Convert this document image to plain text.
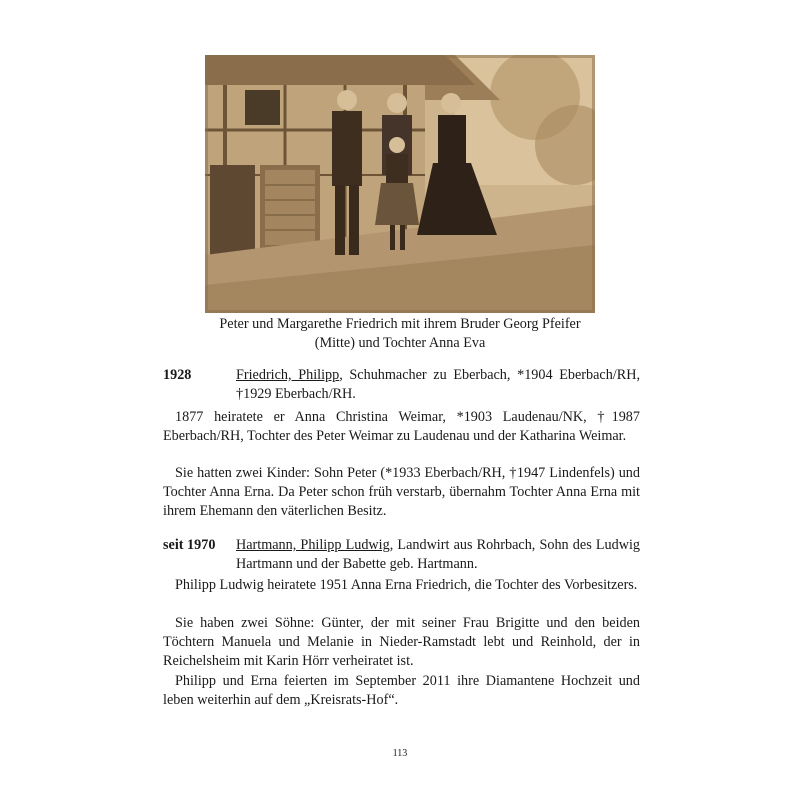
Peter und Margarethe Friedrich mit ihrem Bruder Georg Pfeifer
(Mitte) und Tochter Anna Eva
1928	Friedrich, Philipp, Schuhmacher zu Eberbach, *1904 Eberbach/RH, †1929 Eberbach/RH.
1877 heiratete er Anna Christina Weimar, *1903 Laudenau/NK, †1987 Eberbach/RH, Tochter des Peter Weimar zu Laudenau und der Katharina Weimar.
Sie hatten zwei Kinder: Sohn Peter (*1933 Eberbach/RH, †1947 Lindenfels) und Tochter Anna Erna. Da Peter schon früh verstarb, übernahm Tochter Anna Erna mit ihrem Ehemann den väterlichen Besitz.
seit 1970 Hartmann, Philipp Ludwig, Landwirt aus Rohrbach, Sohn des Ludwig Hartmann und der Babette geb. Hartmann.
Philipp Ludwig heiratete 1951 Anna Erna Friedrich, die Tochter des Vorbesitzers.
Sie haben zwei Söhne: Günter, der mit seiner Frau Brigitte und den beiden Töchtern Manuela und Melanie in Nieder-Ramstadt lebt und Reinhold, der in Reichelsheim mit Karin Hörr verheiratet ist.
Philipp und Erna feierten im September 2011 ihre Diamantene Hochzeit und leben weiterhin auf dem „Kreisrats-Hof“.
113
